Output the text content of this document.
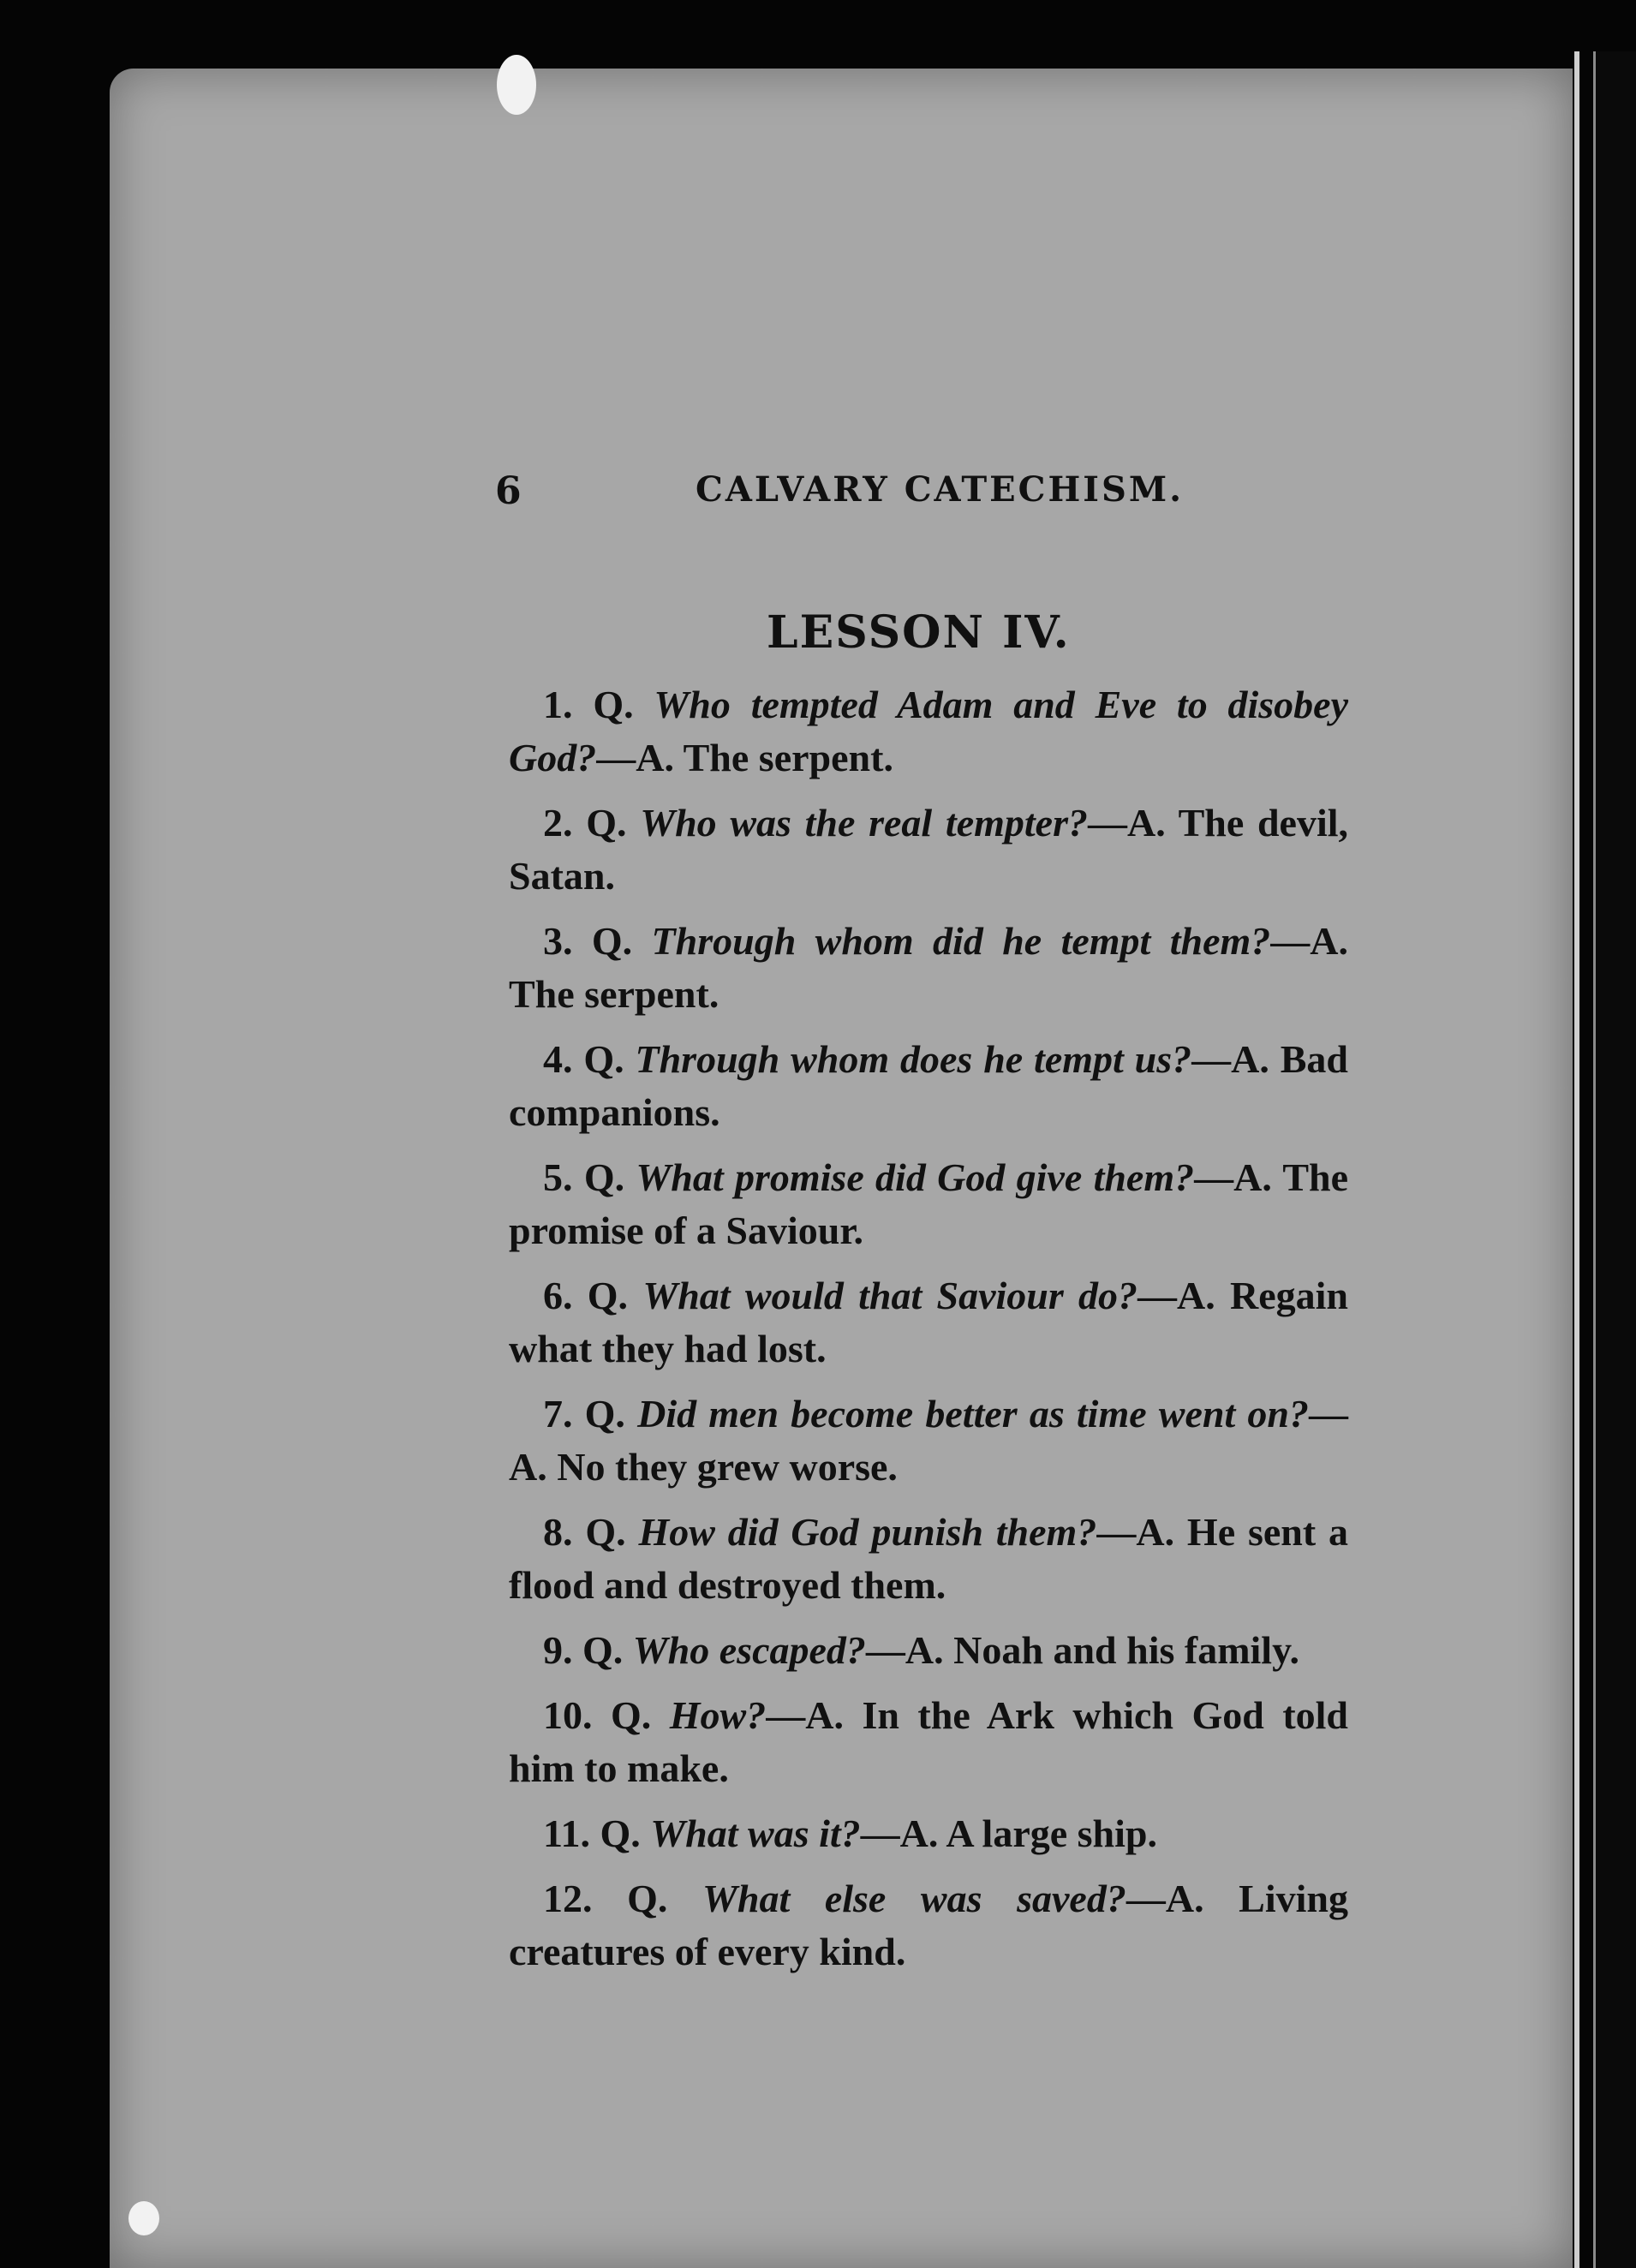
6	CALVARY CATECHISM.
LESSON IV.

1. Q. Who tempted Adam and Eve to disobey God?—A. The serpent.

2. Q. Who was the real tempter?—A. The devil, Satan.

3. Q. Through whom did he tempt them?—A. The serpent.

4. Q. Through whom does he tempt us?—A. Bad companions.

5. Q. What promise did God give them?—A. The promise of a Saviour.

6. Q. What would that Saviour do?—A. Regain what they had lost.

7. Q. Did men become better as time went on?—A. No they grew worse.

8. Q. How did God punish them?—A. He sent a flood and destroyed them.

9. Q. Who escaped?—A. Noah and his family.

10. Q. How?—A. In the Ark which God told him to make.

11. Q. What was it?—A. A large ship.

12. Q. What else was saved?—A. Living creatures of every kind.
